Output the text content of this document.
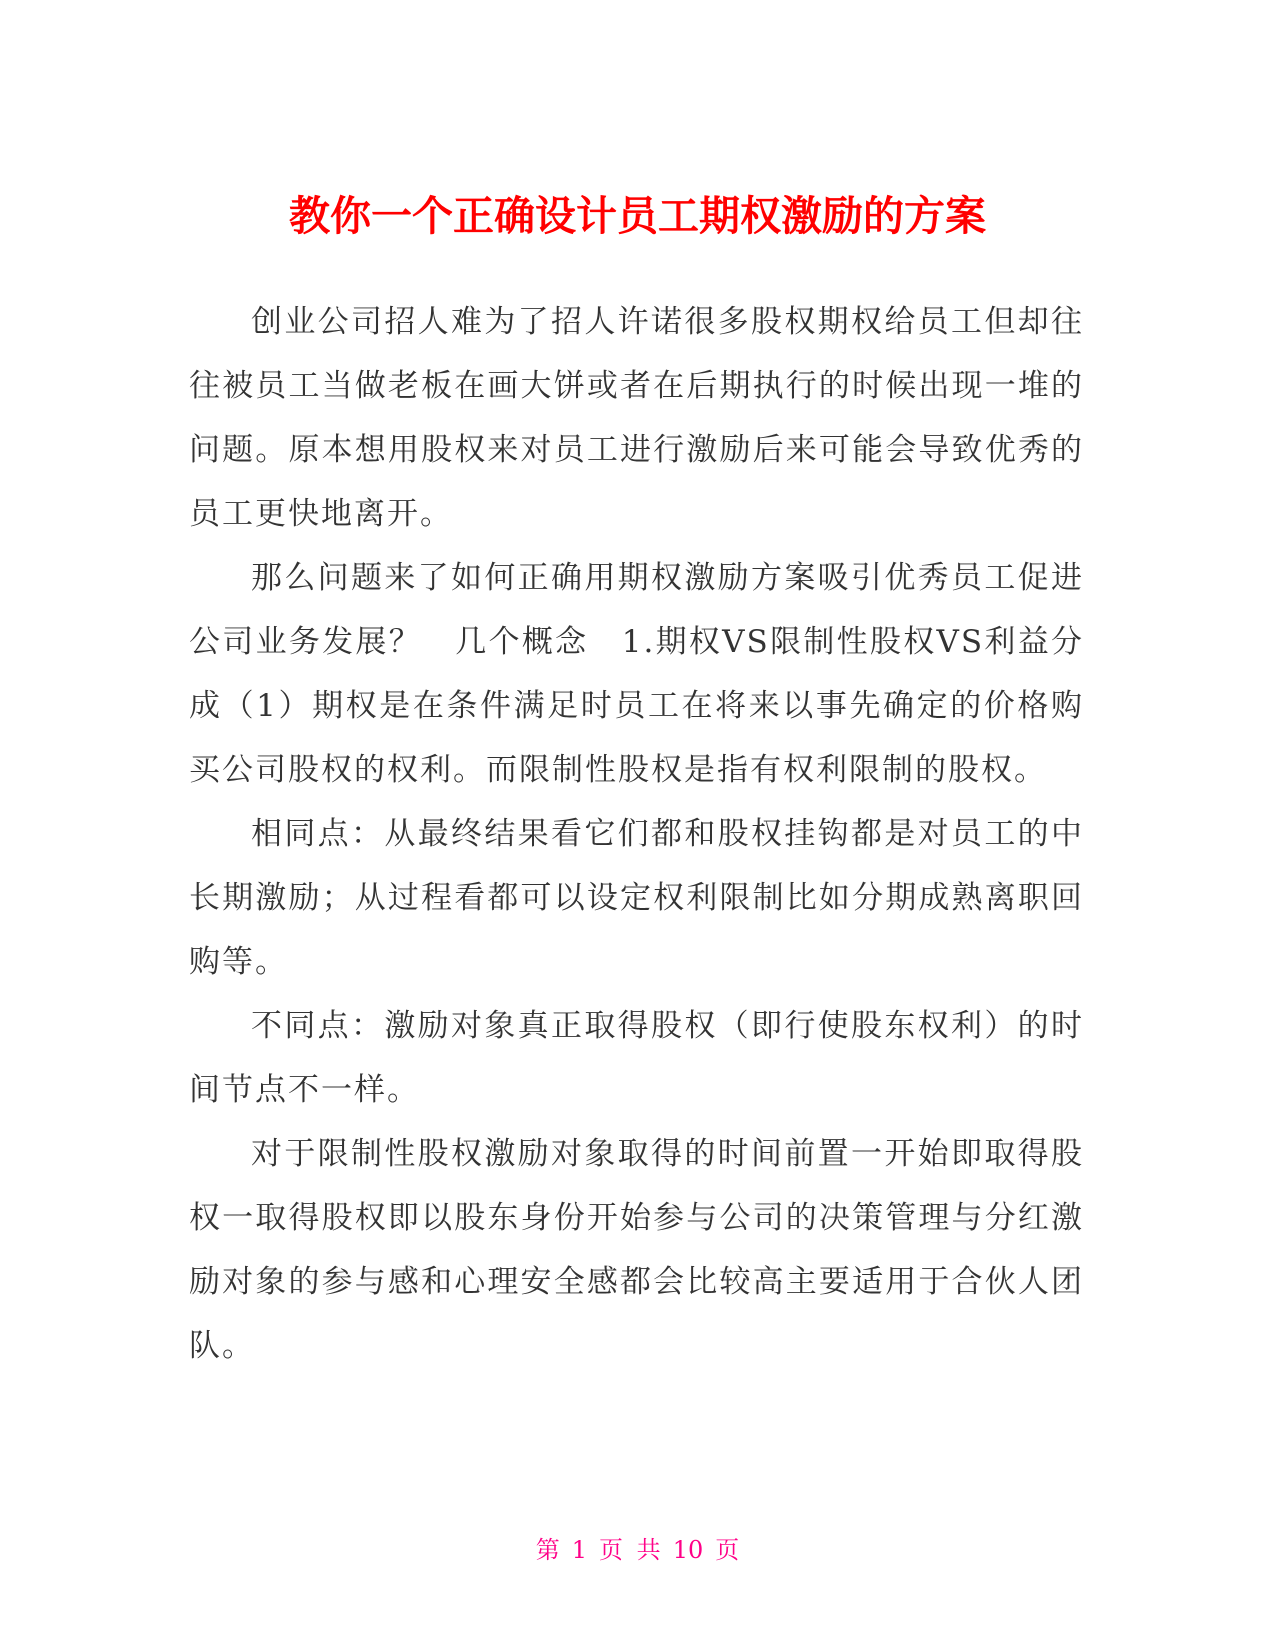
教你一个正确设计员工期权激励的方案

创业公司招人难为了招人许诺很多股权期权给员工但却往往被员工当做老板在画大饼或者在后期执行的时候出现一堆的问题。原本想用股权来对员工进行激励后来可能会导致优秀的员工更快地离开。

那么问题来了如何正确用期权激励方案吸引优秀员工促进公司业务发展？　几个概念　1.期权VS限制性股权VS利益分成（1）期权是在条件满足时员工在将来以事先确定的价格购买公司股权的权利。而限制性股权是指有权利限制的股权。

相同点：从最终结果看它们都和股权挂钩都是对员工的中长期激励；从过程看都可以设定权利限制比如分期成熟离职回购等。

不同点：激励对象真正取得股权（即行使股东权利）的时间节点不一样。

对于限制性股权激励对象取得的时间前置一开始即取得股权一取得股权即以股东身份开始参与公司的决策管理与分红激励对象的参与感和心理安全感都会比较高主要适用于合伙人团队。

第 1 页 共 10 页
